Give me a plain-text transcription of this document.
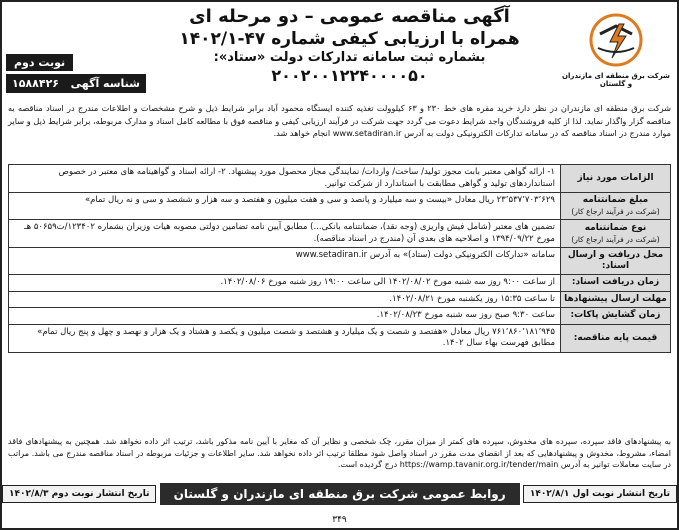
شرکت برق منطقه ای مازندران و گلستان
آگهی مناقصه عمومی – دو مرحله ای
همراه با ارزیابی کیفی شماره ۴۷-۱۴۰۲/۱
بشماره ثبت سامانه تدارکات دولت «ستاد»:
۲۰۰۲۰۰۱۲۲۴۰۰۰۰۵۰
نوبت دوم
شناسه آگهی
۱۵۸۸۴۲۶
شرکت برق منطقه ای مازندران در نظر دارد خرید مقره های خط ۲۳۰ و ۶۳ کیلوولت تغذیه کننده ایستگاه محمود آباد برابر شرایط ذیل و شرح مشخصات و اطلاعات مندرج در اسناد مناقصه به مناقصه گزار واگذار نماید. لذا از کلیه فروشندگان واجد شرایط دعوت می گردد جهت شرکت در فرآیند ارزیابی کیفی و مناقصه فوق با مطالعه کامل اسناد و مدارک مربوطه، برابر شرایط ذیل و سایر موارد مندرج در اسناد مناقصه که در سامانه تدارکات الکترونیکی دولت به آدرس www.setadiran.ir انجام خواهد شد.
الزامات مورد نیاز
۱- ارائه گواهی معتبر بابت مجوز تولید/ ساخت/ واردات/ نمایندگی مجاز محصول مورد پیشنهاد. ۲- ارائه اسناد و گواهینامه های معتبر در خصوص استانداردهای تولید و گواهی مطابقت با استاندارد از شرکت توانیر.
مبلغ ضمانتنامه
(شرکت در فرآیند ارجاع کار)
۲۳٬۵۳۷٬۷۰۳٬۶۲۹ ریال معادل «بیست و سه میلیارد و پانصد و سی و هفت میلیون و هفتصد و سه هزار و ششصد و سی و نه ریال تمام»
نوع ضمانتنامه
(شرکت در فرآیند ارجاع کار)
تضمین های معتبر (شامل فیش واریزی (وجه نقد)، ضمانتنامه بانکی...) مطابق آیین نامه تضامین دولتی مصوبه هیات وزیران بشماره ۱۲۳۴۰۲/ت۵۰۶۵۹ هـ مورخ ۱۳۹۴/۰۹/۲۲ و اصلاحیه های بعدی آن (مندرج در اسناد مناقصه).
محل دریافت و ارسال اسناد:
سامانه «تدارکات الکترونیکی دولت (ستاد)» به آدرس www.setadiran.ir
زمان دریافت اسناد:
از ساعت ۹:۰۰ روز سه شنبه مورخ ۱۴۰۲/۰۸/۰۲ الی ساعت ۱۹:۰۰ روز شنبه مورخ ۱۴۰۲/۰۸/۰۶.
مهلت ارسال پیشنهادها
تا ساعت ۱۵:۳۵ روز یکشنبه مورخ ۱۴۰۲/۰۸/۲۱.
زمان گشایش پاکات:
ساعت ۹:۳۰ صبح روز سه شنبه مورخ ۱۴۰۲/۰۸/۲۳.
قیمت پایه مناقصه:
۷۶۱٬۸۶۰٬۱۸۱٬۹۴۵ ریال معادل «هفتصد و شصت و یک میلیارد و هشتصد و شصت میلیون و یکصد و هشتاد و یک هزار و نهصد و چهل و پنج ریال تمام» مطابق فهرست بهاء سال ۱۴۰۲.
به پیشنهادهای فاقد سپرده، سپرده های مخدوش، سپرده های کمتر از میزان مقرر، چک شخصی و نظایر آن که مغایر با آیین نامه مذکور باشد، ترتیب اثر داده نخواهد شد. همچنین به پیشنهادهای فاقد امضاء، مشروط، مخدوش و پیشنهادهایی که بعد از انقضای مدت مقرر در اسناد واصل شود مطلقا ترتیب اثر داده نخواهد شد. سایر اطلاعات و جزئیات مربوطه در اسناد مناقصه مندرج می باشد. مراتب در سایت معاملات توانیر به آدرس https://wamp.tavanir.org.ir/tender/main درج گردیده است.
تاریخ انتشار نوبت اول ۱۴۰۲/۸/۱
روابط عمومی شرکت برق منطقه ای مازندران و گلستان
تاریخ انتشار نوبت دوم ۱۴۰۲/۸/۳
۳۴۹
